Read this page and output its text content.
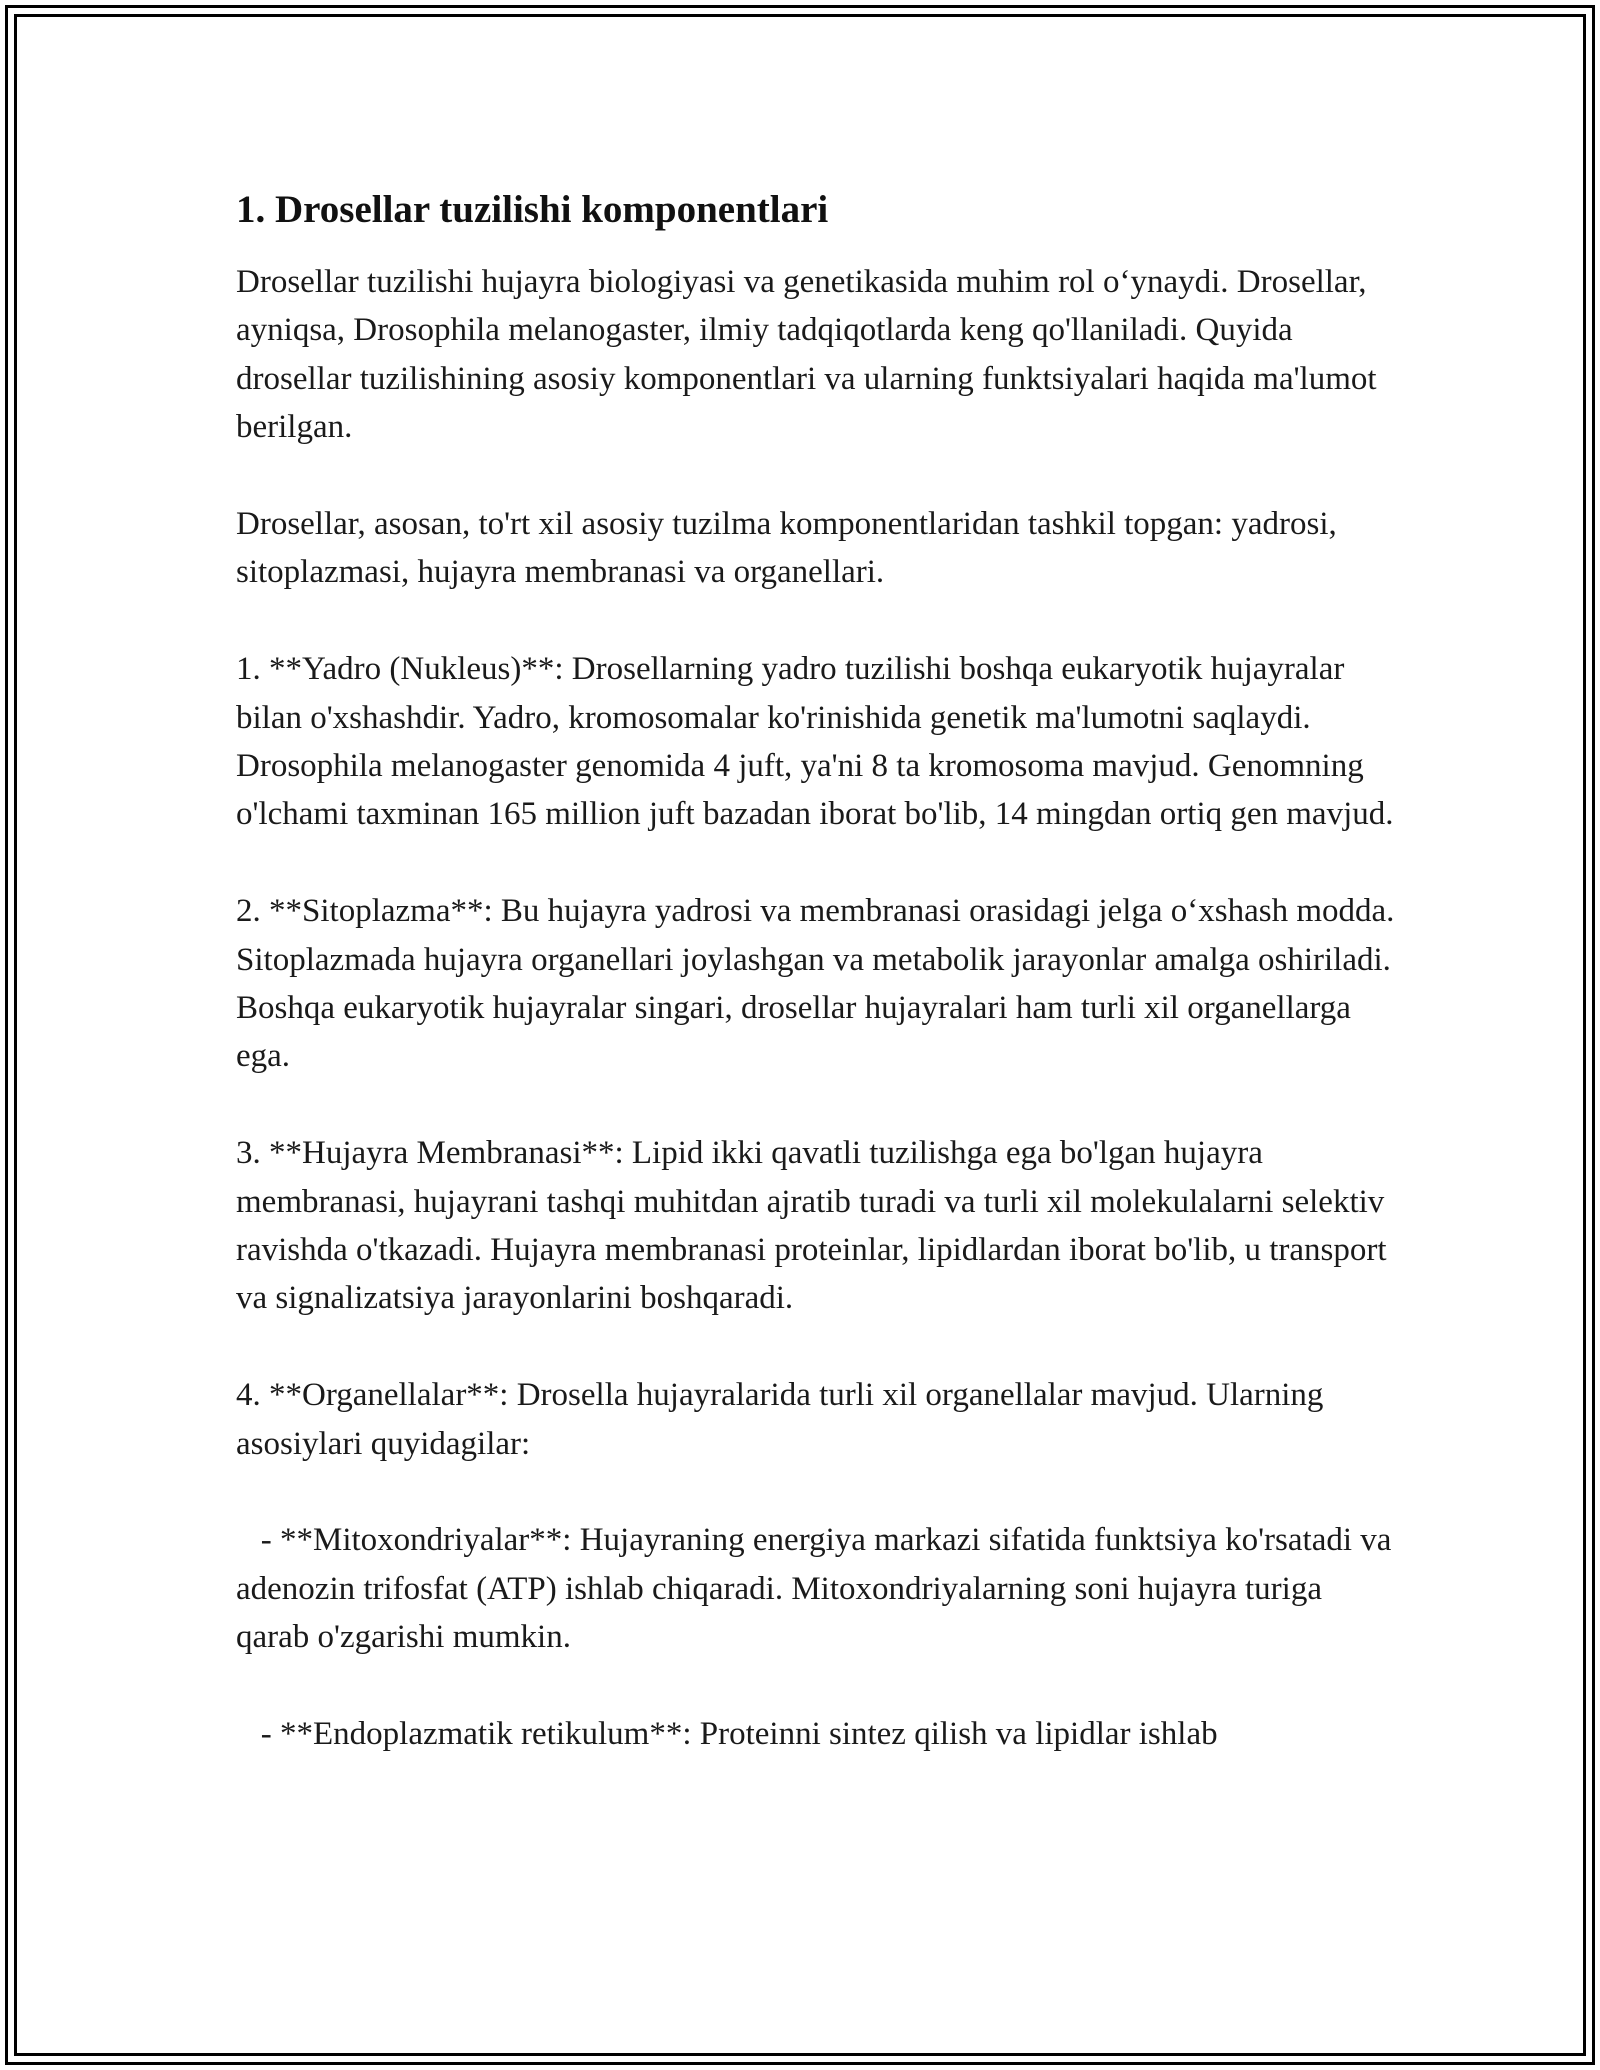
1. Drosellar tuzilishi komponentlari

Drosellar tuzilishi hujayra biologiyasi va genetikasida muhim rol o‘ynaydi. Drosellar, ayniqsa, Drosophila melanogaster, ilmiy tadqiqotlarda keng qo'llaniladi. Quyida drosellar tuzilishining asosiy komponentlari va ularning funktsiyalari haqida ma'lumot berilgan.

Drosellar, asosan, to'rt xil asosiy tuzilma komponentlaridan tashkil topgan: yadrosi, sitoplazmasi, hujayra membranasi va organellari.

1. **Yadro (Nukleus)**: Drosellarning yadro tuzilishi boshqa eukaryotik hujayralar bilan o'xshashdir. Yadro, kromosomalar ko'rinishida genetik ma'lumotni saqlaydi. Drosophila melanogaster genomida 4 juft, ya'ni 8 ta kromosoma mavjud. Genomning o'lchami taxminan 165 million juft bazadan iborat bo'lib, 14 mingdan ortiq gen mavjud.

2. **Sitoplazma**: Bu hujayra yadrosi va membranasi orasidagi jelga o‘xshash modda. Sitoplazmada hujayra organellari joylashgan va metabolik jarayonlar amalga oshiriladi. Boshqa eukaryotik hujayralar singari, drosellar hujayralari ham turli xil organellarga ega.

3. **Hujayra Membranasi**: Lipid ikki qavatli tuzilishga ega bo'lgan hujayra membranasi, hujayrani tashqi muhitdan ajratib turadi va turli xil molekulalarni selektiv ravishda o'tkazadi. Hujayra membranasi proteinlar, lipidlardan iborat bo'lib, u transport va signalizatsiya jarayonlarini boshqaradi.

4. **Organellalar**: Drosella hujayralarida turli xil organellalar mavjud. Ularning asosiylari quyidagilar:

- **Mitoxondriyalar**: Hujayraning energiya markazi sifatida funktsiya ko'rsatadi va adenozin trifosfat (ATP) ishlab chiqaradi. Mitoxondriyalarning soni hujayra turiga qarab o'zgarishi mumkin.

- **Endoplazmatik retikulum**: Proteinni sintez qilish va lipidlar ishlab
